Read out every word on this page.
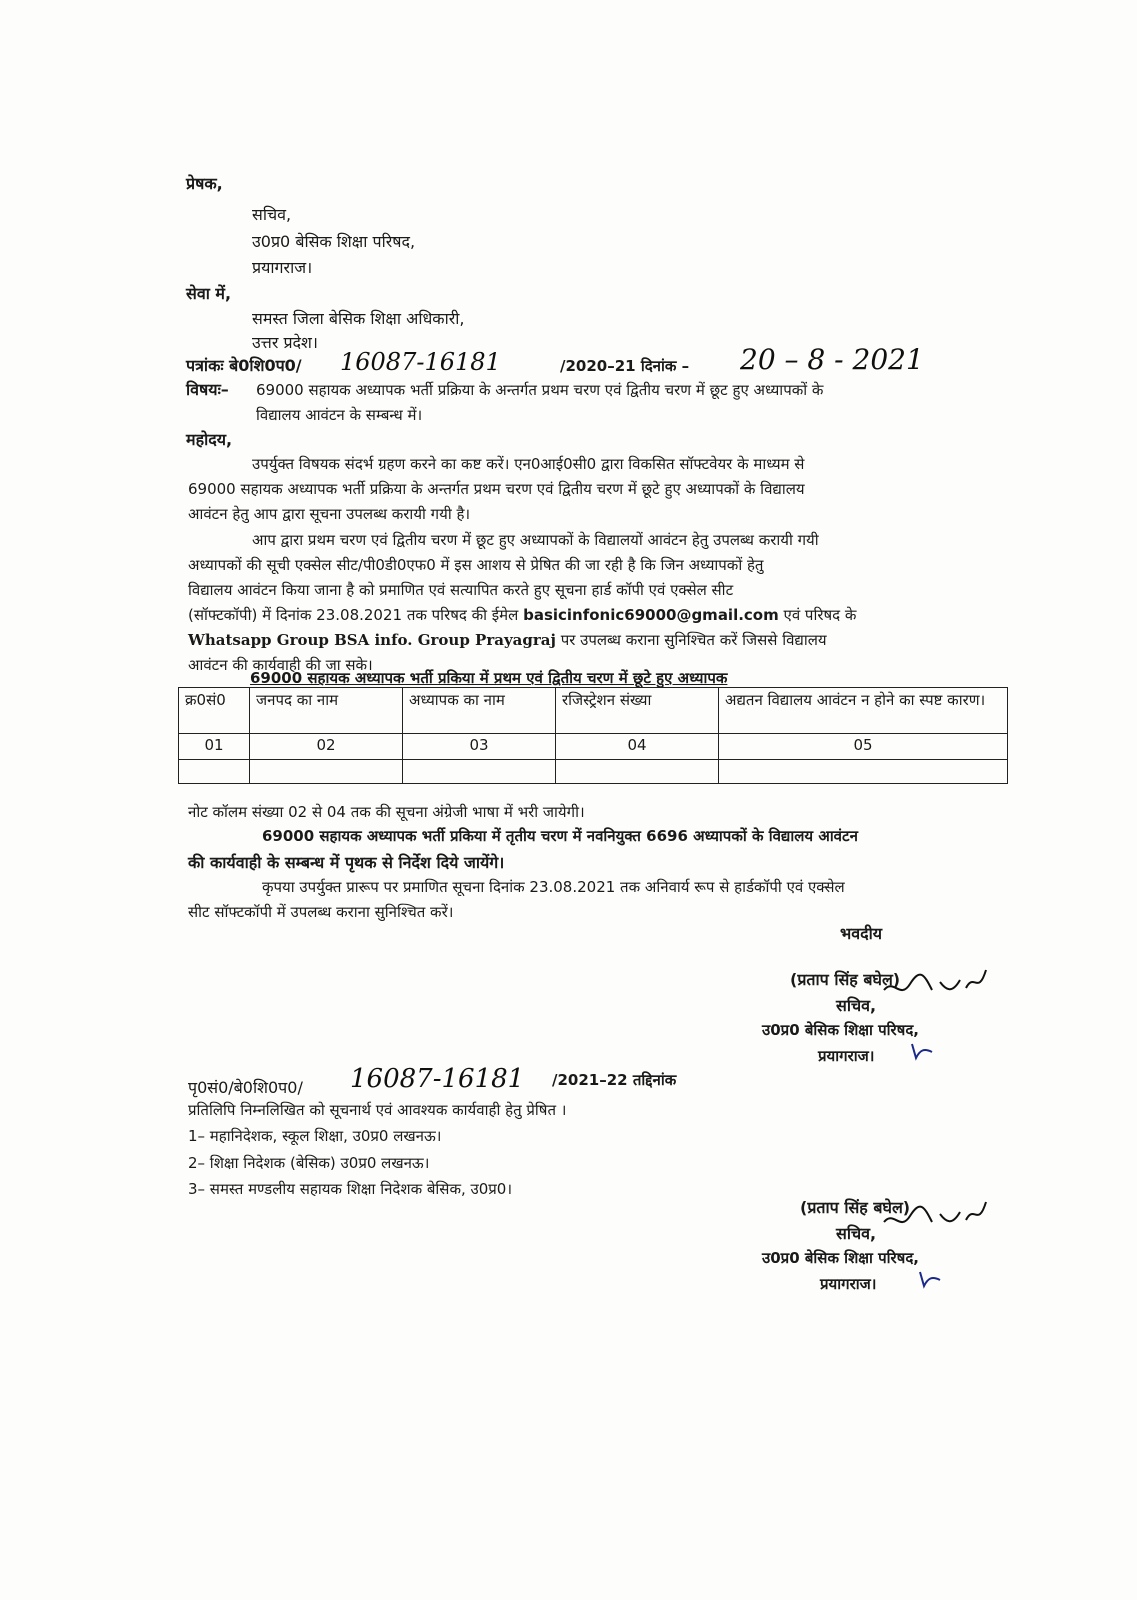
प्रेषक,
सचिव,
उ0प्र0 बेसिक शिक्षा परिषद,
प्रयागराज।
सेवा में,
समस्त जिला बेसिक शिक्षा अधिकारी,
उत्तर प्रदेश।
पत्रांकः बे0शि0प0/ 16087-16181	/2020–21 दिनांक – 20 – 8 - 2021
विषयः– 69000 सहायक अध्यापक भर्ती प्रक्रिया के अन्तर्गत प्रथम चरण एवं द्वितीय चरण में छूट हुए अध्यापकों के
विद्यालय आवंटन के सम्बन्ध में।
महोदय,
उपर्युक्त विषयक संदर्भ ग्रहण करने का कष्ट करें। एन0आई0सी0 द्वारा विकसित सॉफ्टवेयर के माध्यम से
69000 सहायक अध्यापक भर्ती प्रक्रिया के अन्तर्गत प्रथम चरण एवं द्वितीय चरण में छूटे हुए अध्यापकों के विद्यालय
आवंटन हेतु आप द्वारा सूचना उपलब्ध करायी गयी है।
आप द्वारा प्रथम चरण एवं द्वितीय चरण में छूट हुए अध्यापकों के विद्यालयों आवंटन हेतु उपलब्ध करायी गयी
अध्यापकों की सूची एक्सेल सीट/पी0डी0एफ0 में इस आशय से प्रेषित की जा रही है कि जिन अध्यापकों हेतु
विद्यालय आवंटन किया जाना है को प्रमाणित एवं सत्यापित करते हुए सूचना हार्ड कॉपी एवं एक्सेल सीट
(सॉफ्टकॉपी) में दिनांक 23.08.2021 तक परिषद की ईमेल basicinfonic69000@gmail.com एवं परिषद के
Whatsapp Group BSA info. Group Prayagraj पर उपलब्ध कराना सुनिश्चित करें जिससे विद्यालय
आवंटन की कार्यवाही की जा सके।
69000 सहायक अध्यापक भर्ती प्रकिया में प्रथम एवं द्वितीय चरण में छूटे हुए अध्यापक
क्र0सं0	जनपद का नाम	अध्यापक का नाम	रजिस्ट्रेशन संख्या	अद्यतन विद्यालय आवंटन न होने का स्पष्ट कारण।
01	02	03	04	05

नोट कॉलम संख्या 02 से 04 तक की सूचना अंग्रेजी भाषा में भरी जायेगी।
69000 सहायक अध्यापक भर्ती प्रकिया में तृतीय चरण में नवनियुक्त 6696 अध्यापकों के विद्यालय आवंटन
की कार्यवाही के सम्बन्ध में पृथक से निर्देश दिये जायेंगे।
कृपया उपर्युक्त प्रारूप पर प्रमाणित सूचना दिनांक 23.08.2021 तक अनिवार्य रूप से हार्डकॉपी एवं एक्सेल
सीट सॉफ्टकॉपी में उपलब्ध कराना सुनिश्चित करें।
भवदीय
(प्रताप सिंह बघेल)
सचिव,
उ0प्र0 बेसिक शिक्षा परिषद,
प्रयागराज।
पृ0सं0/बे0शि0प0/ 16087-16181 /2021–22 तद्दिनांक
प्रतिलिपि निम्नलिखित को सूचनार्थ एवं आवश्यक कार्यवाही हेतु प्रेषित ।
1– महानिदेशक, स्कूल शिक्षा, उ0प्र0 लखनऊ।
2– शिक्षा निदेशक (बेसिक) उ0प्र0 लखनऊ।
3– समस्त मण्डलीय सहायक शिक्षा निदेशक बेसिक, उ0प्र0।
(प्रताप सिंह बघेल)
सचिव,
उ0प्र0 बेसिक शिक्षा परिषद,
प्रयागराज।
